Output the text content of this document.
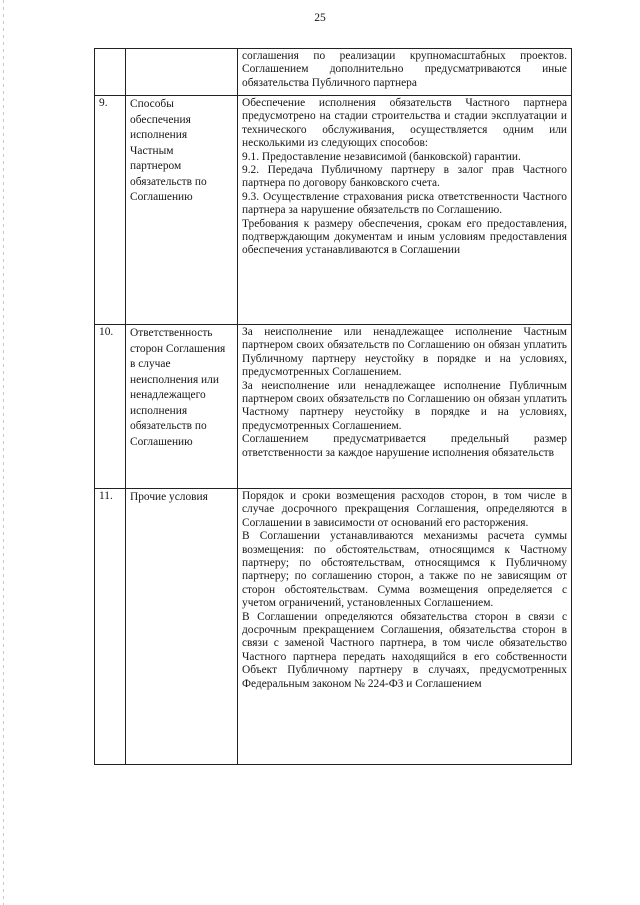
25

		соглашения по реализации крупномасштабных проектов. Соглашением дополнительно предусматриваются иные обязательства Публичного партнера

9.	Способы обеспечения исполнения Частным партнером обязательств по Соглашению	Обеспечение исполнения обязательств Частного партнера предусмотрено на стадии строительства и стадии эксплуатации и технического обслуживания, осуществляется одним или несколькими из следующих способов:
9.1. Предоставление независимой (банковской) гарантии.
9.2. Передача Публичному партнеру в залог прав Частного партнера по договору банковского счета.
9.3. Осуществление страхования риска ответственности Частного партнера за нарушение обязательств по Соглашению.
Требования к размеру обеспечения, срокам его предоставления, подтверждающим документам и иным условиям предоставления обеспечения устанавливаются в Соглашении

10.	Ответственность сторон Соглашения в случае неисполнения или ненадлежащего исполнения обязательств по Соглашению	За неисполнение или ненадлежащее исполнение Частным партнером своих обязательств по Соглашению он обязан уплатить Публичному партнеру неустойку в порядке и на условиях, предусмотренных Соглашением.
За неисполнение или ненадлежащее исполнение Публичным партнером своих обязательств по Соглашению он обязан уплатить Частному партнеру неустойку в порядке и на условиях, предусмотренных Соглашением.
Соглашением предусматривается предельный размер ответственности за каждое нарушение исполнения обязательств

11.	Прочие условия	Порядок и сроки возмещения расходов сторон, в том числе в случае досрочного прекращения Соглашения, определяются в Соглашении в зависимости от оснований его расторжения.
В Соглашении устанавливаются механизмы расчета суммы возмещения: по обстоятельствам, относящимся к Частному партнеру; по обстоятельствам, относящимся к Публичному партнеру; по соглашению сторон, а также по не зависящим от сторон обстоятельствам. Сумма возмещения определяется с учетом ограничений, установленных Соглашением.
В Соглашении определяются обязательства сторон в связи с досрочным прекращением Соглашения, обязательства сторон в связи с заменой Частного партнера, в том числе обязательство Частного партнера передать находящийся в его собственности Объект Публичному партнеру в случаях, предусмотренных Федеральным законом № 224-ФЗ и Соглашением
